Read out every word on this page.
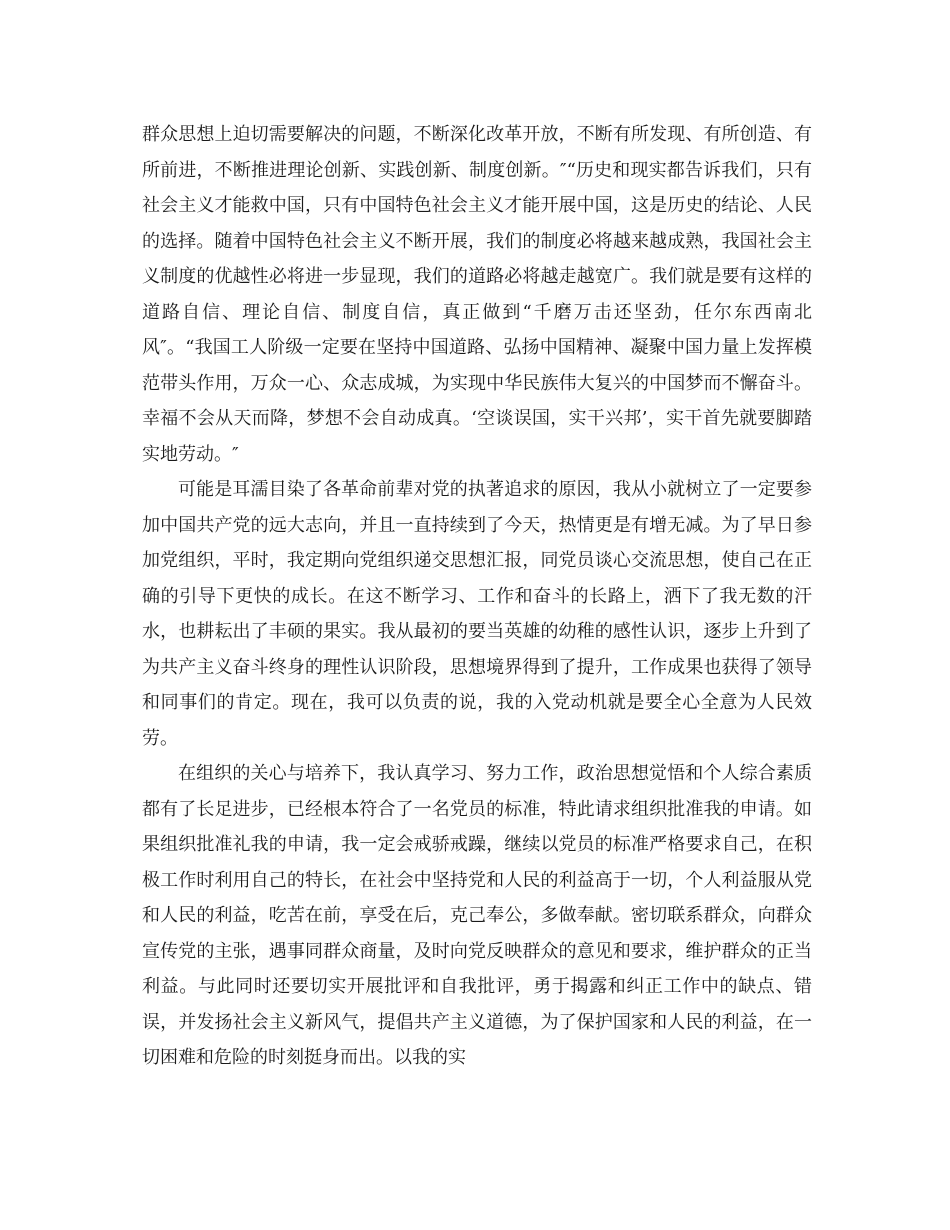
群众思想上迫切需要解决的问题，不断深化改革开放，不断有所发现、有所创造、有所前进，不断推进理论创新、实践创新、制度创新。″“历史和现实都告诉我们，只有社会主义才能救中国，只有中国特色社会主义才能开展中国，这是历史的结论、人民的选择。随着中国特色社会主义不断开展，我们的制度必将越来越成熟，我国社会主义制度的优越性必将进一步显现，我们的道路必将越走越宽广。我们就是要有这样的道路自信、理论自信、制度自信，真正做到“千磨万击还坚劲，任尔东西南北风″。“我国工人阶级一定要在坚持中国道路、弘扬中国精神、凝聚中国力量上发挥模范带头作用，万众一心、众志成城，为实现中华民族伟大复兴的中国梦而不懈奋斗。幸福不会从天而降，梦想不会自动成真。‘空谈误国，实干兴邦’，实干首先就要脚踏实地劳动。″

可能是耳濡目染了各革命前辈对党的执著追求的原因，我从小就树立了一定要参加中国共产党的远大志向，并且一直持续到了今天，热情更是有增无减。为了早日参加党组织，平时，我定期向党组织递交思想汇报，同党员谈心交流思想，使自己在正确的引导下更快的成长。在这不断学习、工作和奋斗的长路上，洒下了我无数的汗水，也耕耘出了丰硕的果实。我从最初的要当英雄的幼稚的感性认识，逐步上升到了为共产主义奋斗终身的理性认识阶段，思想境界得到了提升，工作成果也获得了领导和同事们的肯定。现在，我可以负责的说，我的入党动机就是要全心全意为人民效劳。

在组织的关心与培养下，我认真学习、努力工作，政治思想觉悟和个人综合素质都有了长足进步，已经根本符合了一名党员的标准，特此请求组织批准我的申请。如果组织批准礼我的申请，我一定会戒骄戒躁，继续以党员的标准严格要求自己，在积极工作时利用自己的特长，在社会中坚持党和人民的利益高于一切，个人利益服从党和人民的利益，吃苦在前，享受在后，克己奉公，多做奉献。密切联系群众，向群众宣传党的主张，遇事同群众商量，及时向党反映群众的意见和要求，维护群众的正当利益。与此同时还要切实开展批评和自我批评，勇于揭露和纠正工作中的缺点、错误，并发扬社会主义新风气，提倡共产主义道德，为了保护国家和人民的利益，在一切困难和危险的时刻挺身而出。以我的实
